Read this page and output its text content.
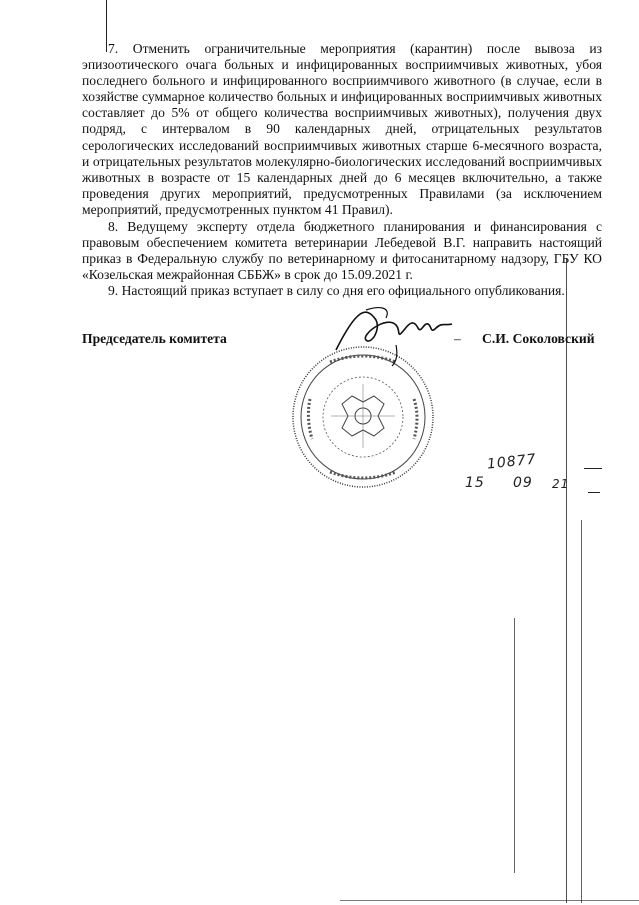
7. Отменить ограничительные мероприятия (карантин) после вывоза из эпизоотического очага больных и инфицированных восприимчивых животных, убоя последнего больного и инфицированного восприимчивого животного (в случае, если в хозяйстве суммарное количество больных и инфицированных восприимчивых животных составляет до 5% от общего количества восприимчивых животных), получения двух подряд, с интервалом в 90 календарных дней, отрицательных результатов серологических исследований восприимчивых животных старше 6-месячного возраста, и отрицательных результатов молекулярно-биологических исследований восприимчивых животных в возрасте от 15 календарных дней до 6 месяцев включительно, а также проведения других мероприятий, предусмотренных Правилами (за исключением мероприятий, предусмотренных пунктом 41 Правил).

8. Ведущему эксперту отдела бюджетного планирования и финансирования с правовым обеспечением комитета ветеринарии Лебедевой В.Г. направить настоящий приказ в Федеральную службу по ветеринарному и фитосанитарному надзору, ГБУ КО «Козельская межрайонная СББЖ» в срок до 15.09.2021 г.

9. Настоящий приказ вступает в силу со дня его официального опубликования.

Председатель комитета	– С.И. Соколовский
10877
15 09 21
